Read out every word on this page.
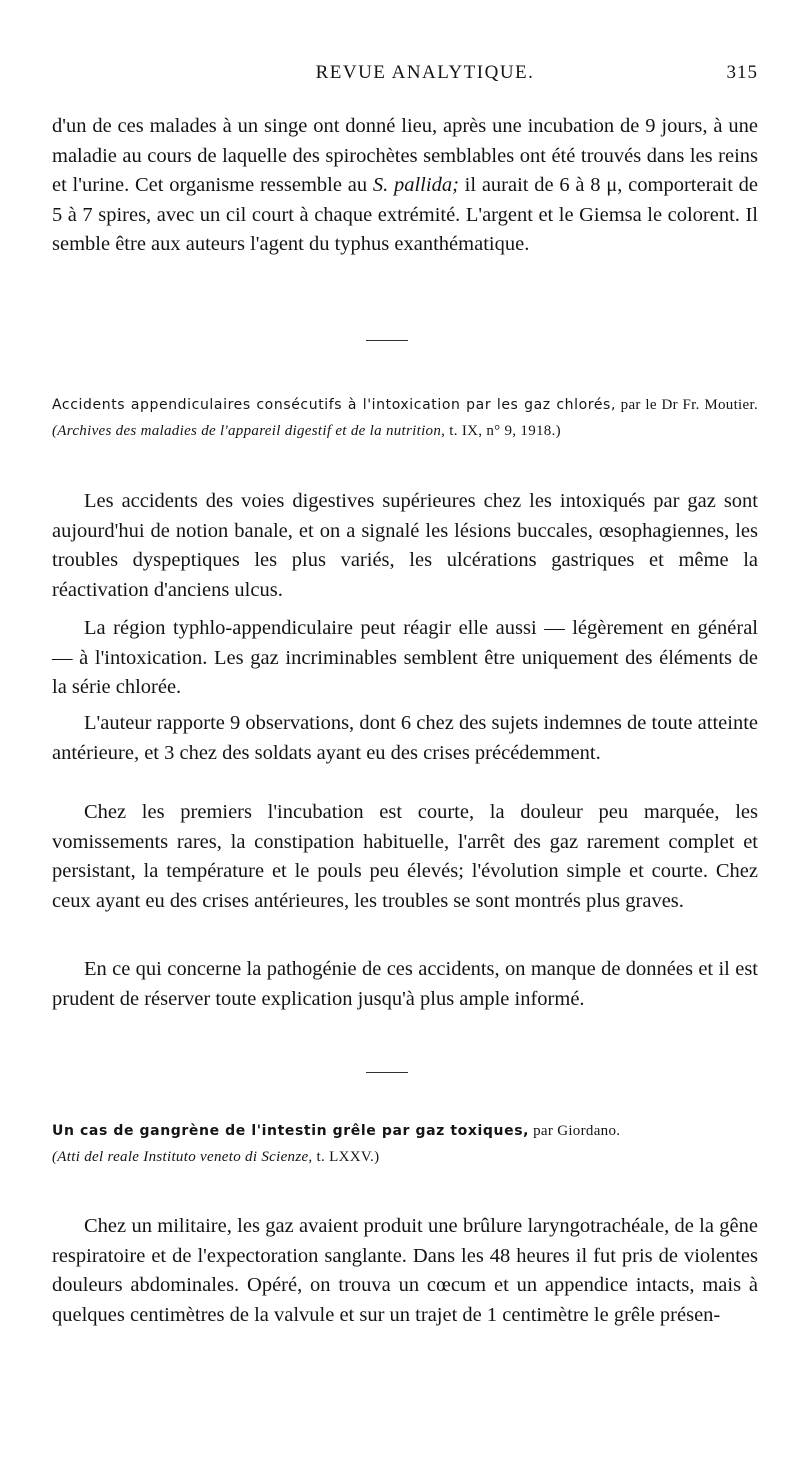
REVUE ANALYTIQUE.	315

d'un de ces malades à un singe ont donné lieu, après une incubation de 9 jours, à une maladie au cours de laquelle des spirochètes semblables ont été trouvés dans les reins et l'urine. Cet organisme ressemble au S. pallida; il aurait de 6 à 8 μ, comporterait de 5 à 7 spires, avec un cil court à chaque extrémité. L'argent et le Giemsa le colorent. Il semble être aux auteurs l'agent du typhus exanthématique.

Accidents appendiculaires consécutifs à l'intoxication par les gaz chlorés, par le Dr Fr. Moutier. (Archives des maladies de l'appareil digestif et de la nutrition, t. IX, n° 9, 1918.)

Les accidents des voies digestives supérieures chez les intoxiqués par gaz sont aujourd'hui de notion banale, et on a signalé les lésions buccales, œsophagiennes, les troubles dyspeptiques les plus variés, les ulcérations gastriques et même la réactivation d'anciens ulcus.

La région typhlo-appendiculaire peut réagir elle aussi — légèrement en général — à l'intoxication. Les gaz incriminables semblent être uniquement des éléments de la série chlorée.

L'auteur rapporte 9 observations, dont 6 chez des sujets indemnes de toute atteinte antérieure, et 3 chez des soldats ayant eu des crises précédemment.

Chez les premiers l'incubation est courte, la douleur peu marquée, les vomissements rares, la constipation habituelle, l'arrêt des gaz rarement complet et persistant, la température et le pouls peu élevés; l'évolution simple et courte. Chez ceux ayant eu des crises antérieures, les troubles se sont montrés plus graves.

En ce qui concerne la pathogénie de ces accidents, on manque de données et il est prudent de réserver toute explication jusqu'à plus ample informé.

Un cas de gangrène de l'intestin grêle par gaz toxiques, par Giordano.
(Atti del reale Instituto veneto di Scienze, t. LXXV.)

Chez un militaire, les gaz avaient produit une brûlure laryngotrachéale, de la gêne respiratoire et de l'expectoration sanglante. Dans les 48 heures il fut pris de violentes douleurs abdominales. Opéré, on trouva un cœcum et un appendice intacts, mais à quelques centimètres de la valvule et sur un trajet de 1 centimètre le grêle présen-
